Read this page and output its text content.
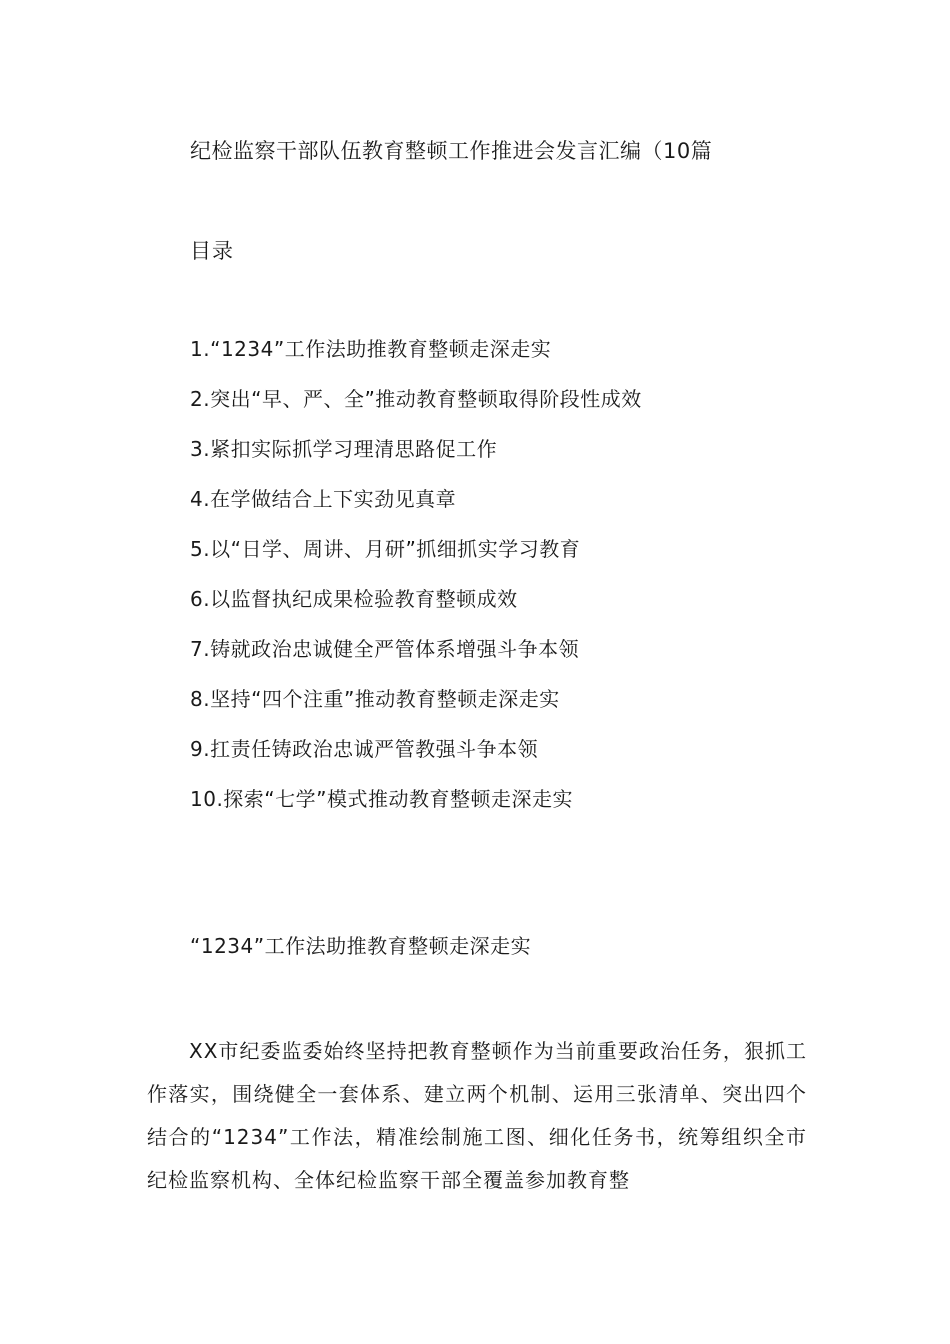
纪检监察干部队伍教育整顿工作推进会发言汇编（10篇
目录
1.“1234”工作法助推教育整顿走深走实
2.突出“早、严、全”推动教育整顿取得阶段性成效
3.紧扣实际抓学习理清思路促工作
4.在学做结合上下实劲见真章
5.以“日学、周讲、月研”抓细抓实学习教育
6.以监督执纪成果检验教育整顿成效
7.铸就政治忠诚健全严管体系增强斗争本领
8.坚持“四个注重”推动教育整顿走深走实
9.扛责任铸政治忠诚严管教强斗争本领
10.探索“七学”模式推动教育整顿走深走实
“1234”工作法助推教育整顿走深走实

XX市纪委监委始终坚持把教育整顿作为当前重要政治任务，狠抓工作落实，围绕健全一套体系、建立两个机制、运用三张清单、突出四个结合的“1234”工作法，精准绘制施工图、细化任务书，统筹组织全市纪检监察机构、全体纪检监察干部全覆盖参加教育整
